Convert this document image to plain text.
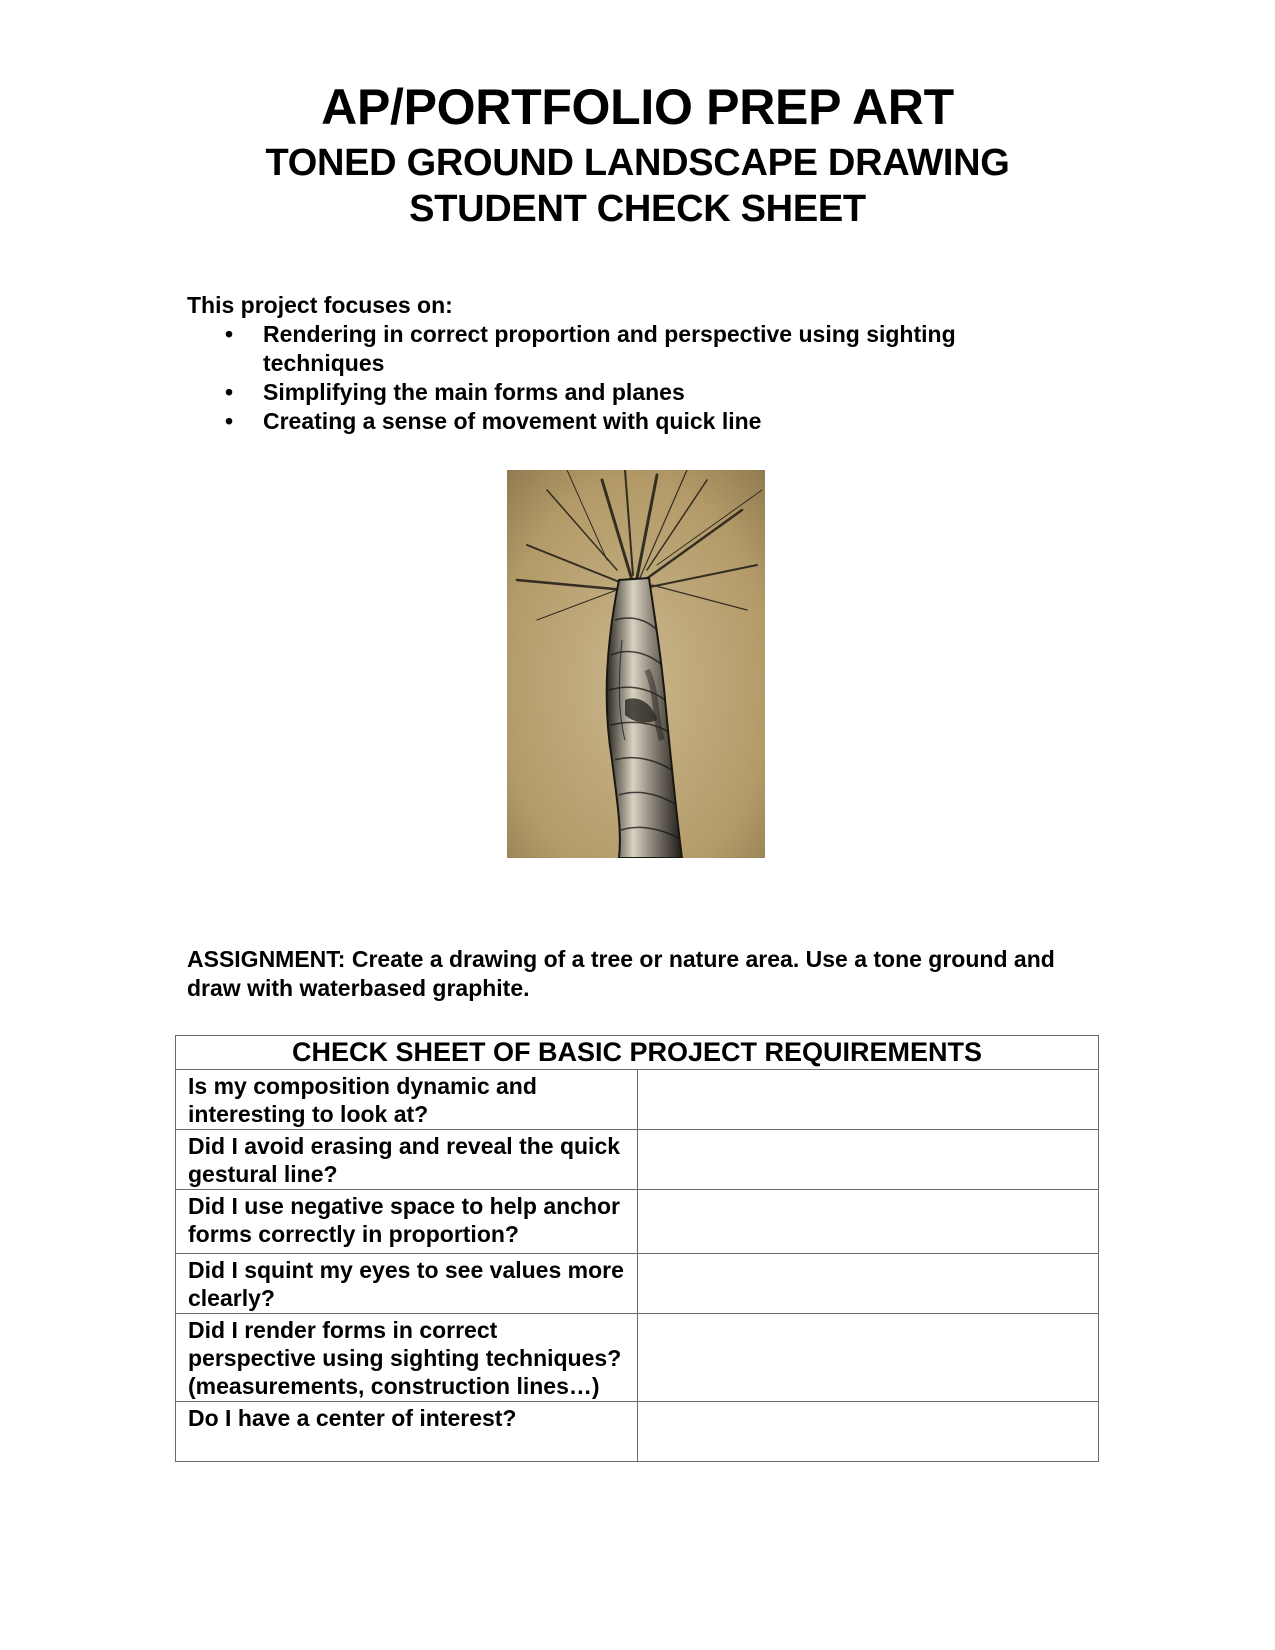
AP/PORTFOLIO PREP ART
TONED GROUND LANDSCAPE DRAWING
STUDENT CHECK SHEET
This project focuses on:
• Rendering in correct proportion and perspective using sighting techniques
• Simplifying the main forms and planes
• Creating a sense of movement with quick line

ASSIGNMENT: Create a drawing of a tree or nature area. Use a tone ground and draw with waterbased graphite.

CHECK SHEET OF BASIC PROJECT REQUIREMENTS	
Is my composition dynamic and interesting to look at?	
Did I avoid erasing and reveal the quick gestural line?	
Did I use negative space to help anchor forms correctly in proportion?	
Did I squint my eyes to see values more clearly?	
Did I render forms in correct perspective using sighting techniques? (measurements, construction lines…)	
Do I have a center of interest?	
